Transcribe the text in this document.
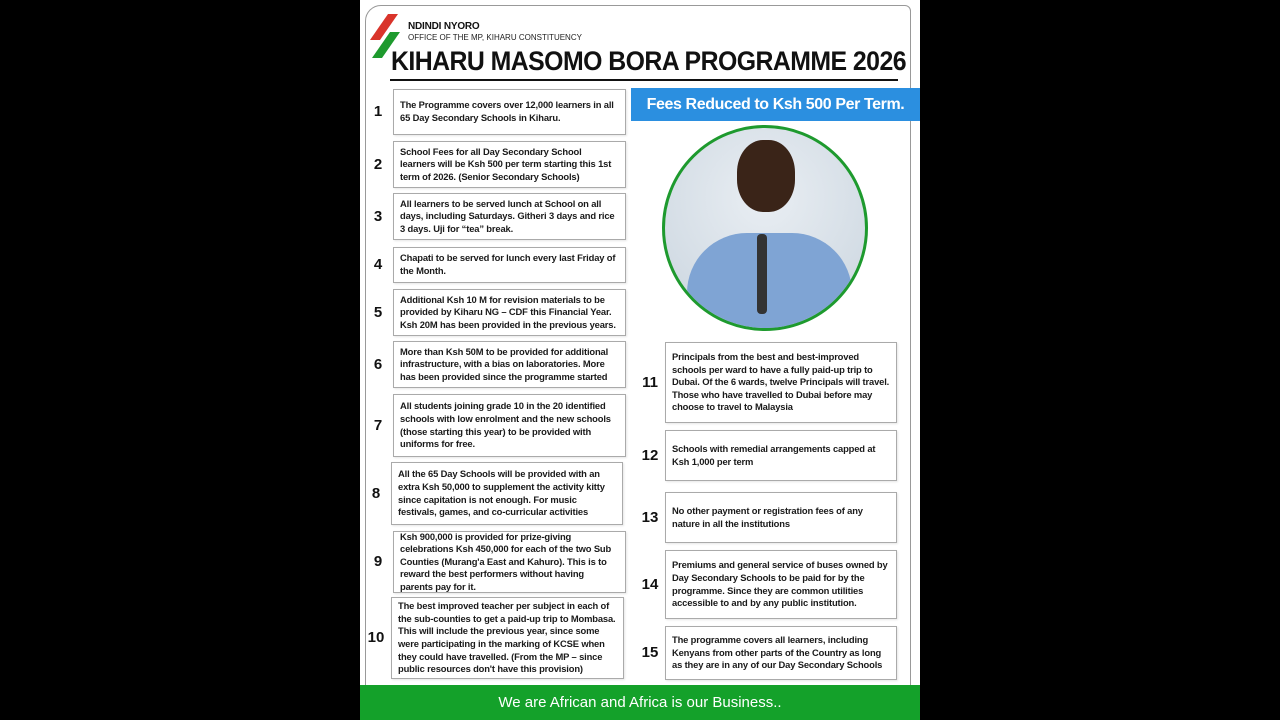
NDINDI NYORO
OFFICE OF THE MP, KIHARU CONSTITUENCY
KIHARU MASOMO BORA PROGRAMME 2026
Fees Reduced to Ksh 500 Per Term.
1	The Programme covers over 12,000 learners in all 65 Day Secondary Schools in Kiharu.
2
School Fees for all Day Secondary School learners will be Ksh 500 per term starting this 1st term of 2026. (Senior Secondary Schools)
3
All learners to be served lunch at School on all days, including Saturdays. Githeri 3 days and rice 3 days. Uji for “tea” break.
4	Chapati to be served for lunch every last Friday of the Month.
5
Additional Ksh 10 M for revision materials to be provided by Kiharu NG – CDF this Financial Year. Ksh 20M has been provided in the previous years.
6
More than Ksh 50M to be provided for additional infrastructure, with a bias on laboratories. More has been provided since the programme started
7
All students joining grade 10 in the 20 identified schools with low enrolment and the new schools (those starting this year) to be provided with uniforms for free.
8
All the 65 Day Schools will be provided with an extra Ksh 50,000 to supplement the activity kitty since capitation is not enough. For music festivals, games, and co-curricular activities
9
Ksh 900,000 is provided for prize-giving celebrations Ksh 450,000 for each of the two Sub Counties (Murang'a East and Kahuro). This is to reward the best performers without having parents pay for it.
10
The best improved teacher per subject in each of the sub-counties to get a paid-up trip to Mombasa. This will include the previous year, since some were participating in the marking of KCSE when they could have travelled. (From the MP – since public resources don't have this provision)
11
Principals from the best and best-improved schools per ward to have a fully paid-up trip to Dubai. Of the 6 wards, twelve Principals will travel. Those who have travelled to Dubai before may choose to travel to Malaysia
12	Schools with remedial arrangements capped at Ksh 1,000 per term
13	No other payment or registration fees of any nature in all the institutions
14
Premiums and general service of buses owned by Day Secondary Schools to be paid for by the programme. Since they are common utilities accessible to and by any public institution.
15
The programme covers all learners, including Kenyans from other parts of the Country as long as they are in any of our Day Secondary Schools
We are African and Africa is our Business..
